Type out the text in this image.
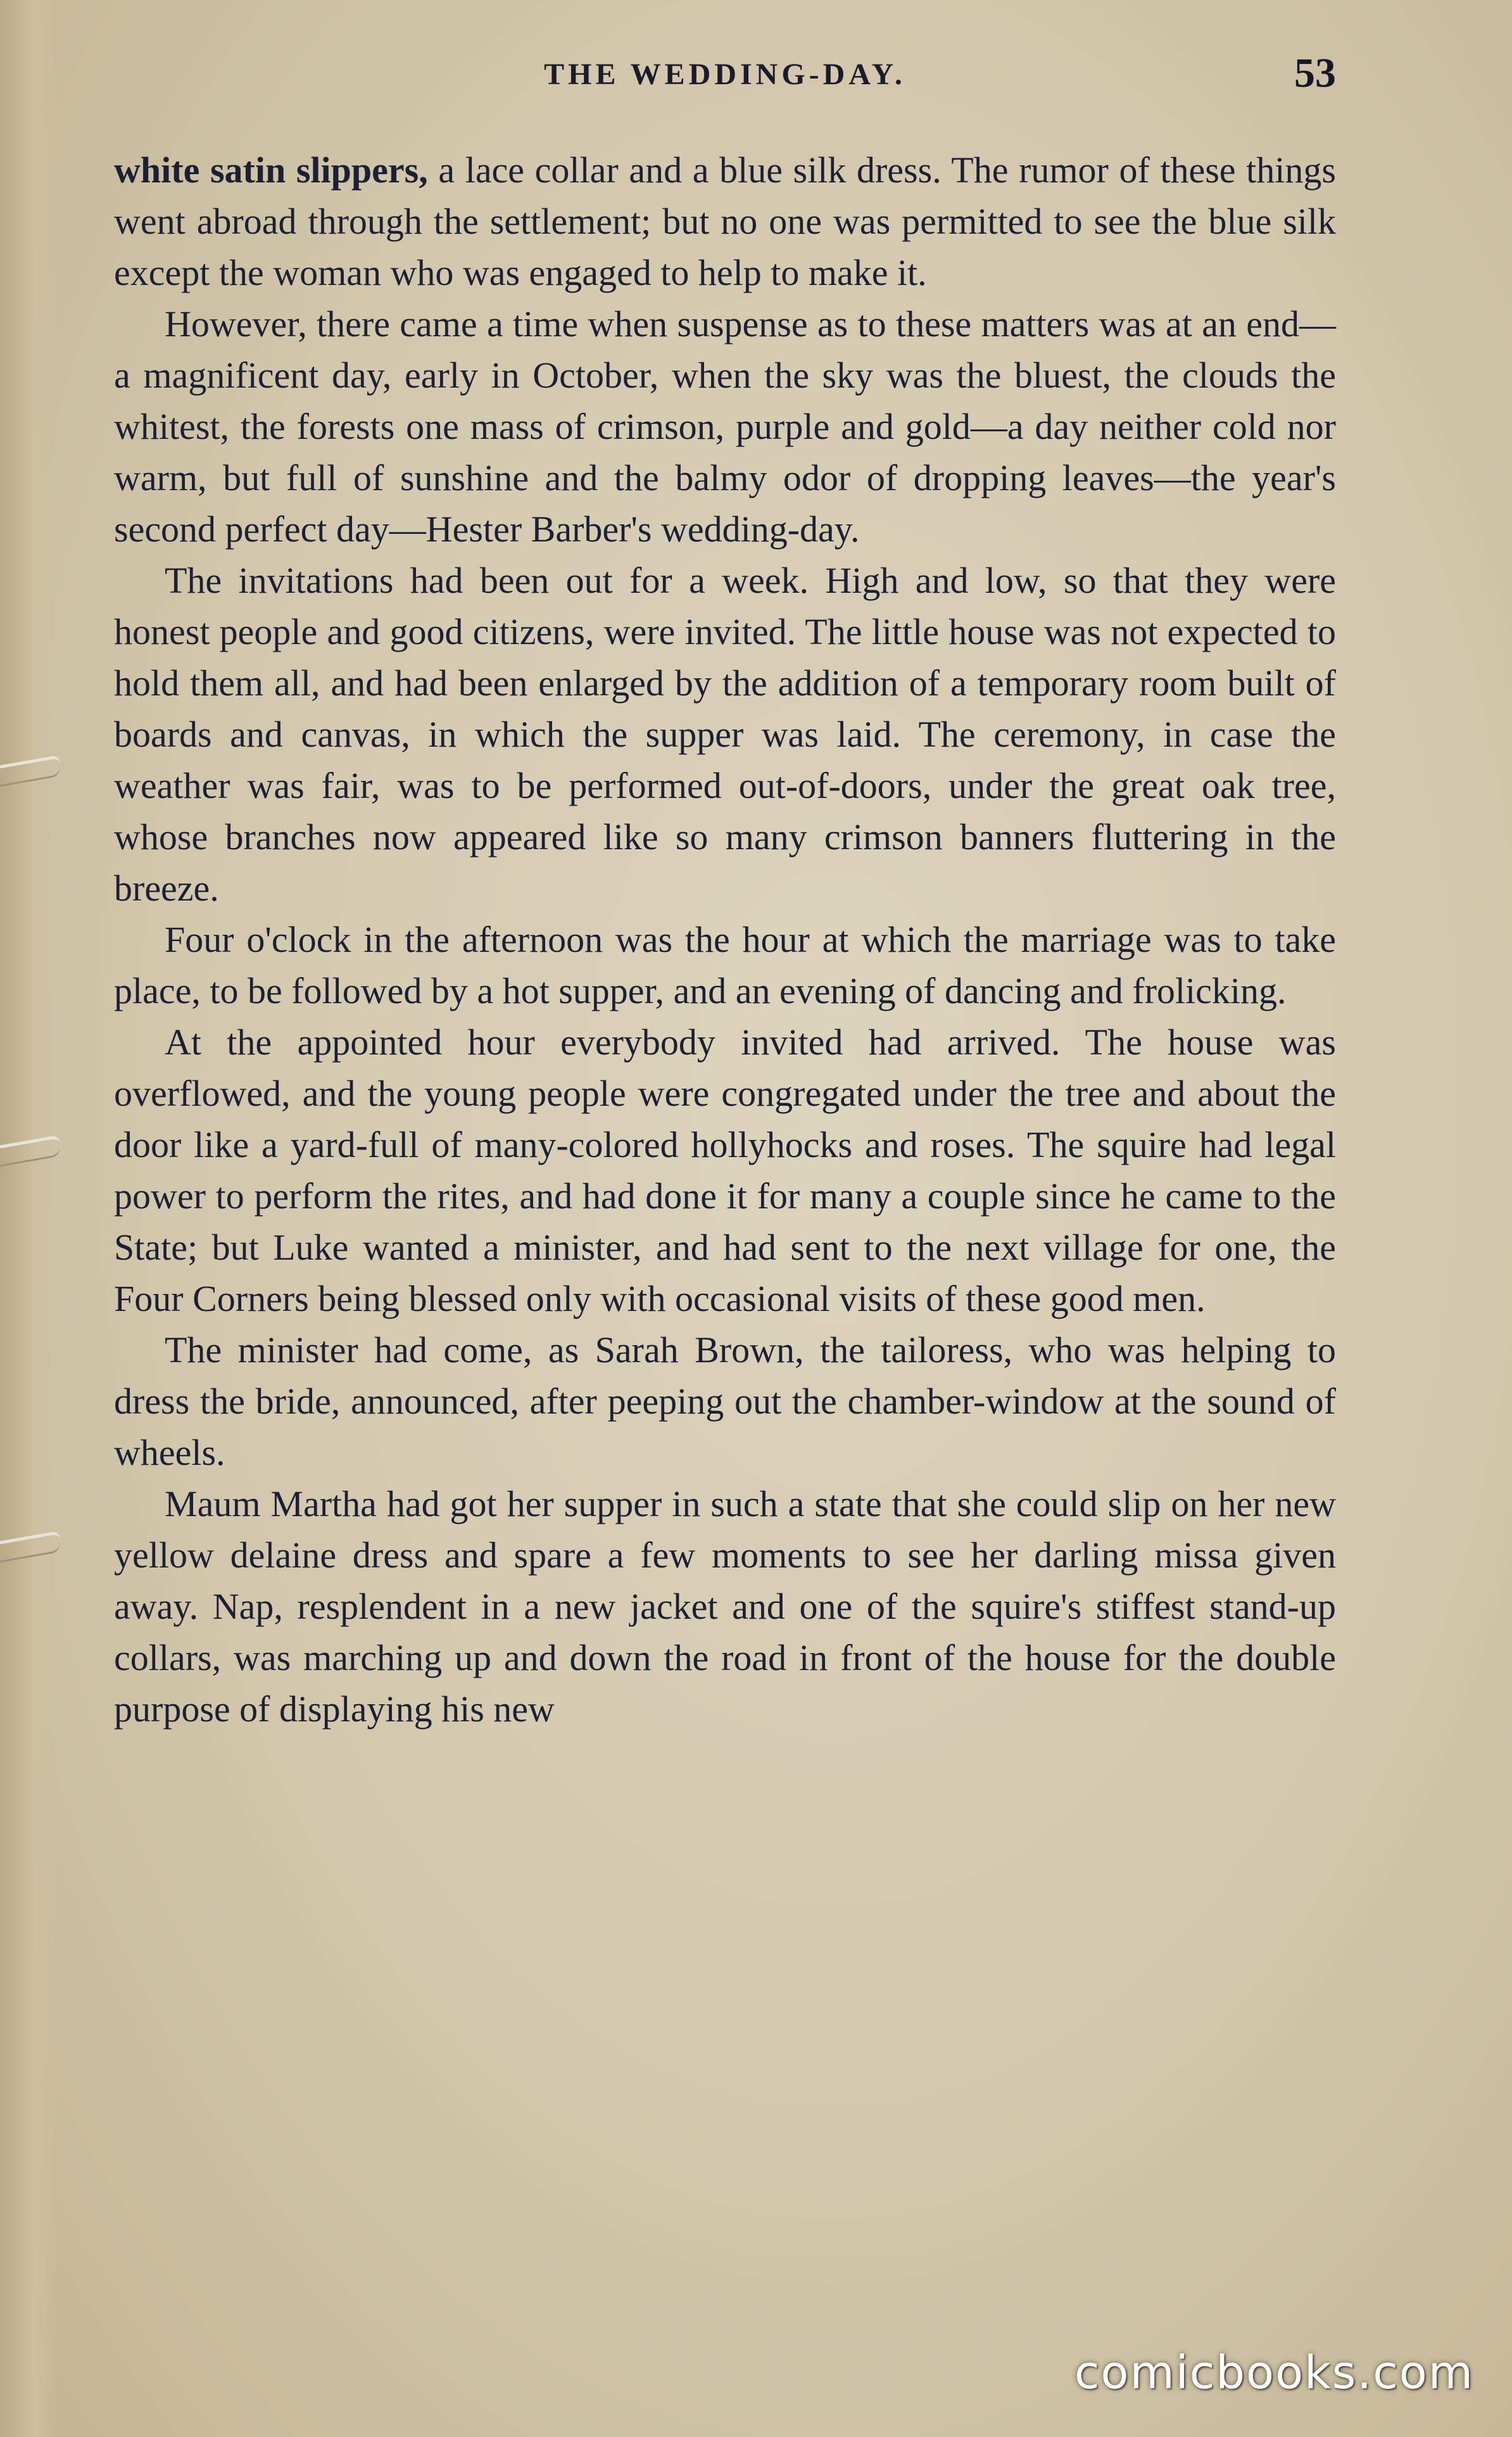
THE WEDDING-DAY.	53

white satin slippers, a lace collar and a blue silk dress. The rumor of these things went abroad through the settlement; but no one was permitted to see the blue silk except the woman who was engaged to help to make it.

However, there came a time when suspense as to these matters was at an end—a magnificent day, early in October, when the sky was the bluest, the clouds the whitest, the forests one mass of crimson, purple and gold—a day neither cold nor warm, but full of sunshine and the balmy odor of dropping leaves—the year's second perfect day—Hester Barber's wedding-day.

The invitations had been out for a week. High and low, so that they were honest people and good citizens, were invited. The little house was not expected to hold them all, and had been enlarged by the addition of a temporary room built of boards and canvas, in which the supper was laid. The ceremony, in case the weather was fair, was to be performed out-of-doors, under the great oak tree, whose branches now appeared like so many crimson banners fluttering in the breeze.

Four o'clock in the afternoon was the hour at which the marriage was to take place, to be followed by a hot supper, and an evening of dancing and frolicking.

At the appointed hour everybody invited had arrived. The house was overflowed, and the young people were congregated under the tree and about the door like a yard-full of many-colored hollyhocks and roses. The squire had legal power to perform the rites, and had done it for many a couple since he came to the State; but Luke wanted a minister, and had sent to the next village for one, the Four Corners being blessed only with occasional visits of these good men.

The minister had come, as Sarah Brown, the tailoress, who was helping to dress the bride, announced, after peeping out the chamber-window at the sound of wheels.

Maum Martha had got her supper in such a state that she could slip on her new yellow delaine dress and spare a few moments to see her darling missa given away. Nap, resplendent in a new jacket and one of the squire's stiffest stand-up collars, was marching up and down the road in front of the house for the double purpose of displaying his new

comicbooks.com
